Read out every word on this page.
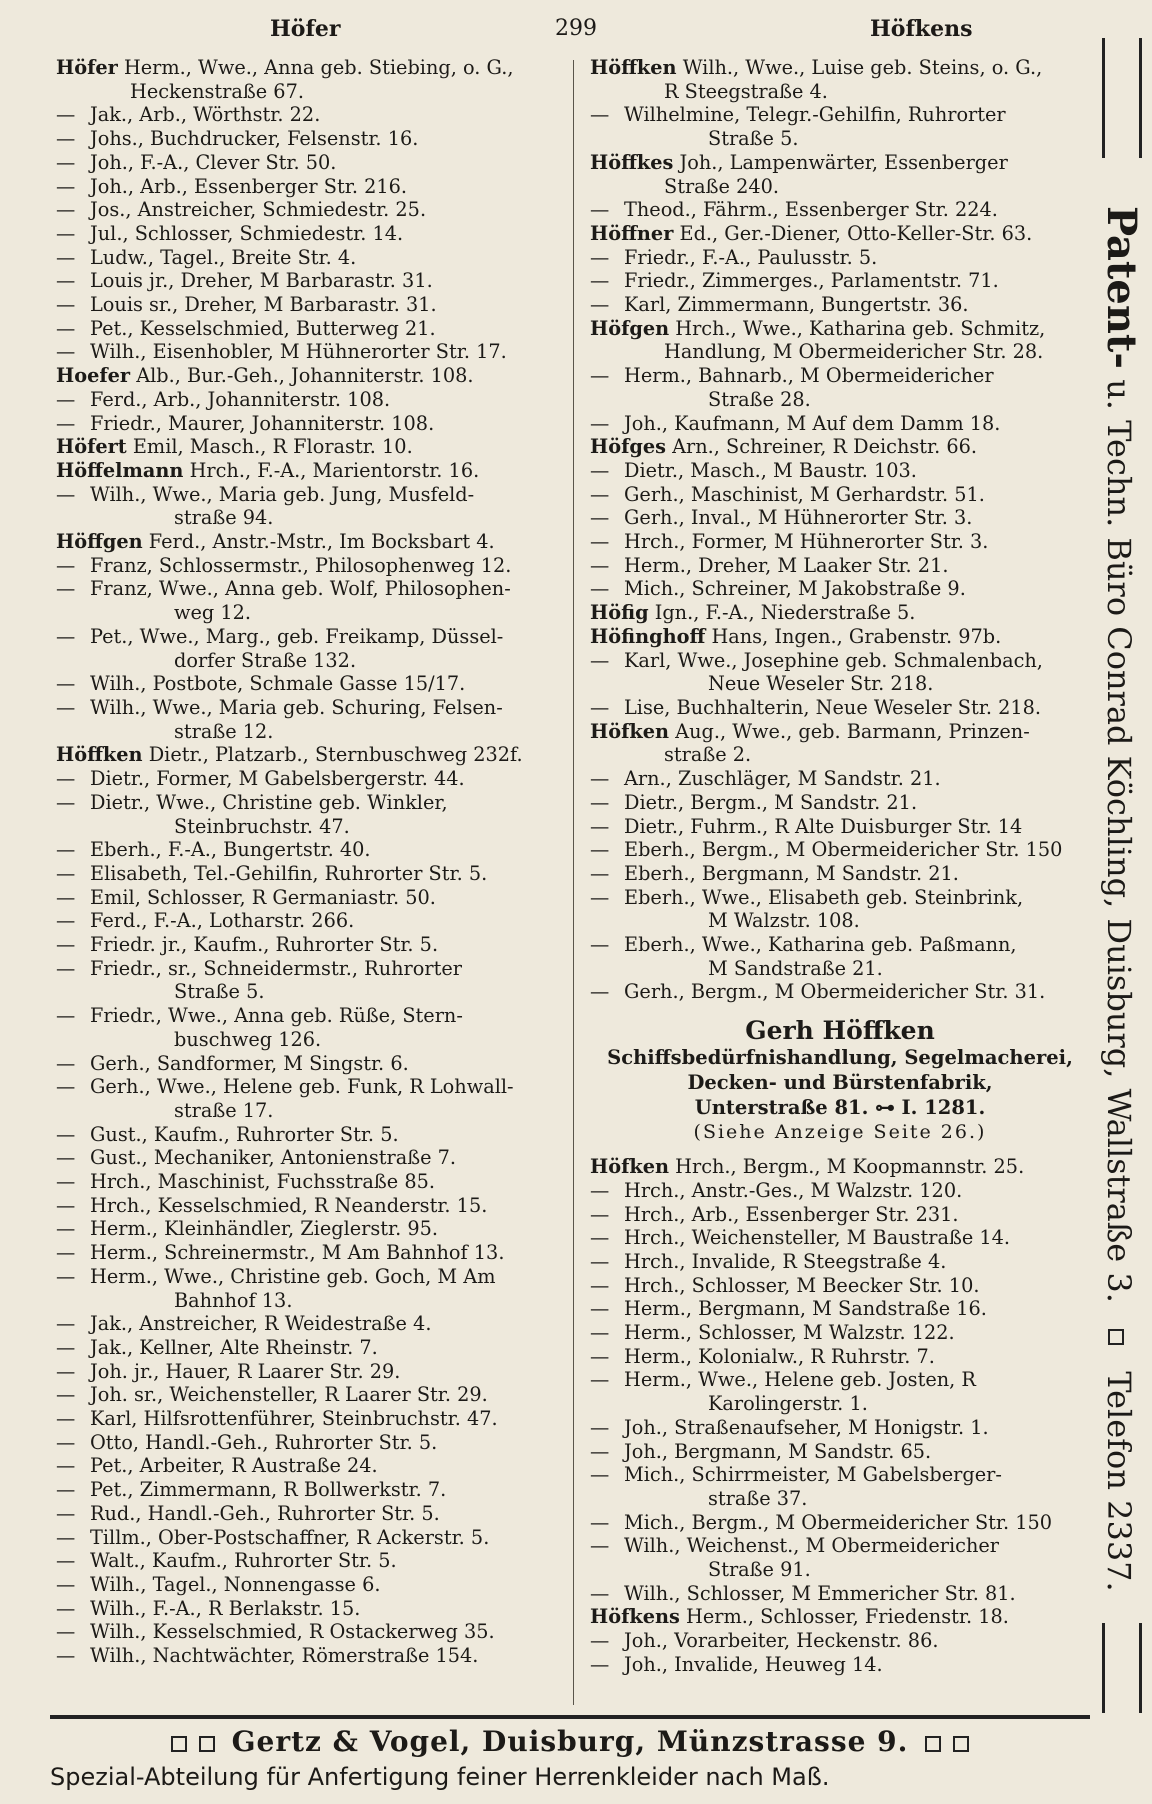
Höfer	299	Höfkens
Höfer Herm., Wwe., Anna geb. Stiebing, o. G.,
Heckenstraße 67.
— Jak., Arb., Wörthstr. 22.
— Johs., Buchdrucker, Felsenstr. 16.
— Joh., F.-A., Clever Str. 50.
— Joh., Arb., Essenberger Str. 216.
— Jos., Anstreicher, Schmiedestr. 25.
— Jul., Schlosser, Schmiedestr. 14.
— Ludw., Tagel., Breite Str. 4.
— Louis jr., Dreher, M Barbarastr. 31.
— Louis sr., Dreher, M Barbarastr. 31.
— Pet., Kesselschmied, Butterweg 21.
— Wilh., Eisenhobler, M Hühnerorter Str. 17.
Hoefer Alb., Bur.-Geh., Johanniterstr. 108.
— Ferd., Arb., Johanniterstr. 108.
— Friedr., Maurer, Johanniterstr. 108.
Höfert Emil, Masch., R Florastr. 10.
Höffelmann Hrch., F.-A., Marientorstr. 16.
— Wilh., Wwe., Maria geb. Jung, Musfeld-
straße 94.
Höffgen Ferd., Anstr.-Mstr., Im Bocksbart 4.
— Franz, Schlossermstr., Philosophenweg 12.
— Franz, Wwe., Anna geb. Wolf, Philosophen-
weg 12.
— Pet., Wwe., Marg., geb. Freikamp, Düssel-
dorfer Straße 132.
— Wilh., Postbote, Schmale Gasse 15/17.
— Wilh., Wwe., Maria geb. Schuring, Felsen-
straße 12.
Höffken Dietr., Platzarb., Sternbuschweg 232f.
— Dietr., Former, M Gabelsbergerstr. 44.
— Dietr., Wwe., Christine geb. Winkler,
Steinbruchstr. 47.
— Eberh., F.-A., Bungertstr. 40.
— Elisabeth, Tel.-Gehilfin, Ruhrorter Str. 5.
— Emil, Schlosser, R Germaniastr. 50.
— Ferd., F.-A., Lotharstr. 266.
— Friedr. jr., Kaufm., Ruhrorter Str. 5.
— Friedr., sr., Schneidermstr., Ruhrorter
Straße 5.
— Friedr., Wwe., Anna geb. Rüße, Stern-
buschweg 126.
— Gerh., Sandformer, M Singstr. 6.
— Gerh., Wwe., Helene geb. Funk, R Lohwall-
straße 17.
— Gust., Kaufm., Ruhrorter Str. 5.
— Gust., Mechaniker, Antonienstraße 7.
— Hrch., Maschinist, Fuchsstraße 85.
— Hrch., Kesselschmied, R Neanderstr. 15.
— Herm., Kleinhändler, Zieglerstr. 95.
— Herm., Schreinermstr., M Am Bahnhof 13.
— Herm., Wwe., Christine geb. Goch, M Am
Bahnhof 13.
— Jak., Anstreicher, R Weidestraße 4.
— Jak., Kellner, Alte Rheinstr. 7.
— Joh. jr., Hauer, R Laarer Str. 29.
— Joh. sr., Weichensteller, R Laarer Str. 29.
— Karl, Hilfsrottenführer, Steinbruchstr. 47.
— Otto, Handl.-Geh., Ruhrorter Str. 5.
— Pet., Arbeiter, R Austraße 24.
— Pet., Zimmermann, R Bollwerkstr. 7.
— Rud., Handl.-Geh., Ruhrorter Str. 5.
— Tillm., Ober-Postschaffner, R Ackerstr. 5.
— Walt., Kaufm., Ruhrorter Str. 5.
— Wilh., Tagel., Nonnengasse 6.
— Wilh., F.-A., R Berlakstr. 15.
— Wilh., Kesselschmied, R Ostackerweg 35.
— Wilh., Nachtwächter, Römerstraße 154.
Höffken Wilh., Wwe., Luise geb. Steins, o. G.,
R Steegstraße 4.
— Wilhelmine, Telegr.-Gehilfin, Ruhrorter
Straße 5.
Höffkes Joh., Lampenwärter, Essenberger
Straße 240.
— Theod., Fährm., Essenberger Str. 224.
Höffner Ed., Ger.-Diener, Otto-Keller-Str. 63.
— Friedr., F.-A., Paulusstr. 5.
— Friedr., Zimmerges., Parlamentstr. 71.
— Karl, Zimmermann, Bungertstr. 36.
Höfgen Hrch., Wwe., Katharina geb. Schmitz,
Handlung, M Obermeidericher Str. 28.
— Herm., Bahnarb., M Obermeidericher
Straße 28.
— Joh., Kaufmann, M Auf dem Damm 18.
Höfges Arn., Schreiner, R Deichstr. 66.
— Dietr., Masch., M Baustr. 103.
— Gerh., Maschinist, M Gerhardstr. 51.
— Gerh., Inval., M Hühnerorter Str. 3.
— Hrch., Former, M Hühnerorter Str. 3.
— Herm., Dreher, M Laaker Str. 21.
— Mich., Schreiner, M Jakobstraße 9.
Höfig Ign., F.-A., Niederstraße 5.
Höfinghoff Hans, Ingen., Grabenstr. 97b.
— Karl, Wwe., Josephine geb. Schmalenbach,
Neue Weseler Str. 218.
— Lise, Buchhalterin, Neue Weseler Str. 218.
Höfken Aug., Wwe., geb. Barmann, Prinzen-
straße 2.
— Arn., Zuschläger, M Sandstr. 21.
— Dietr., Bergm., M Sandstr. 21.
— Dietr., Fuhrm., R Alte Duisburger Str. 14
— Eberh., Bergm., M Obermeidericher Str. 150
— Eberh., Bergmann, M Sandstr. 21.
— Eberh., Wwe., Elisabeth geb. Steinbrink,
M Walzstr. 108.
— Eberh., Wwe., Katharina geb. Paßmann,
M Sandstraße 21.
— Gerh., Bergm., M Obermeidericher Str. 31.
Gerh Höffken
Schiffsbedürfnishandlung, Segelmacherei,
Decken- und Bürstenfabrik,
Unterstraße 81. ⊶ I. 1281.
(Siehe Anzeige Seite 26.)
Höfken Hrch., Bergm., M Koopmannstr. 25.
— Hrch., Anstr.-Ges., M Walzstr. 120.
— Hrch., Arb., Essenberger Str. 231.
— Hrch., Weichensteller, M Baustraße 14.
— Hrch., Invalide, R Steegstraße 4.
— Hrch., Schlosser, M Beecker Str. 10.
— Herm., Bergmann, M Sandstraße 16.
— Herm., Schlosser, M Walzstr. 122.
— Herm., Kolonialw., R Ruhrstr. 7.
— Herm., Wwe., Helene geb. Josten, R
Karolingerstr. 1.
— Joh., Straßenaufseher, M Honigstr. 1.
— Joh., Bergmann, M Sandstr. 65.
— Mich., Schirrmeister, M Gabelsberger-
straße 37.
— Mich., Bergm., M Obermeidericher Str. 150
— Wilh., Weichenst., M Obermeidericher
Straße 91.
— Wilh., Schlosser, M Emmericher Str. 81.
Höfkens Herm., Schlosser, Friedenstr. 18.
— Joh., Vorarbeiter, Heckenstr. 86.
— Joh., Invalide, Heuweg 14.
Patent- u. Techn. Büro Conrad Köchling, Duisburg, Wallstraße 3.  Telefon 2337.
Gertz & Vogel, Duisburg, Münzstrasse 9.
Spezial-Abteilung für Anfertigung feiner Herrenkleider nach Maß.
